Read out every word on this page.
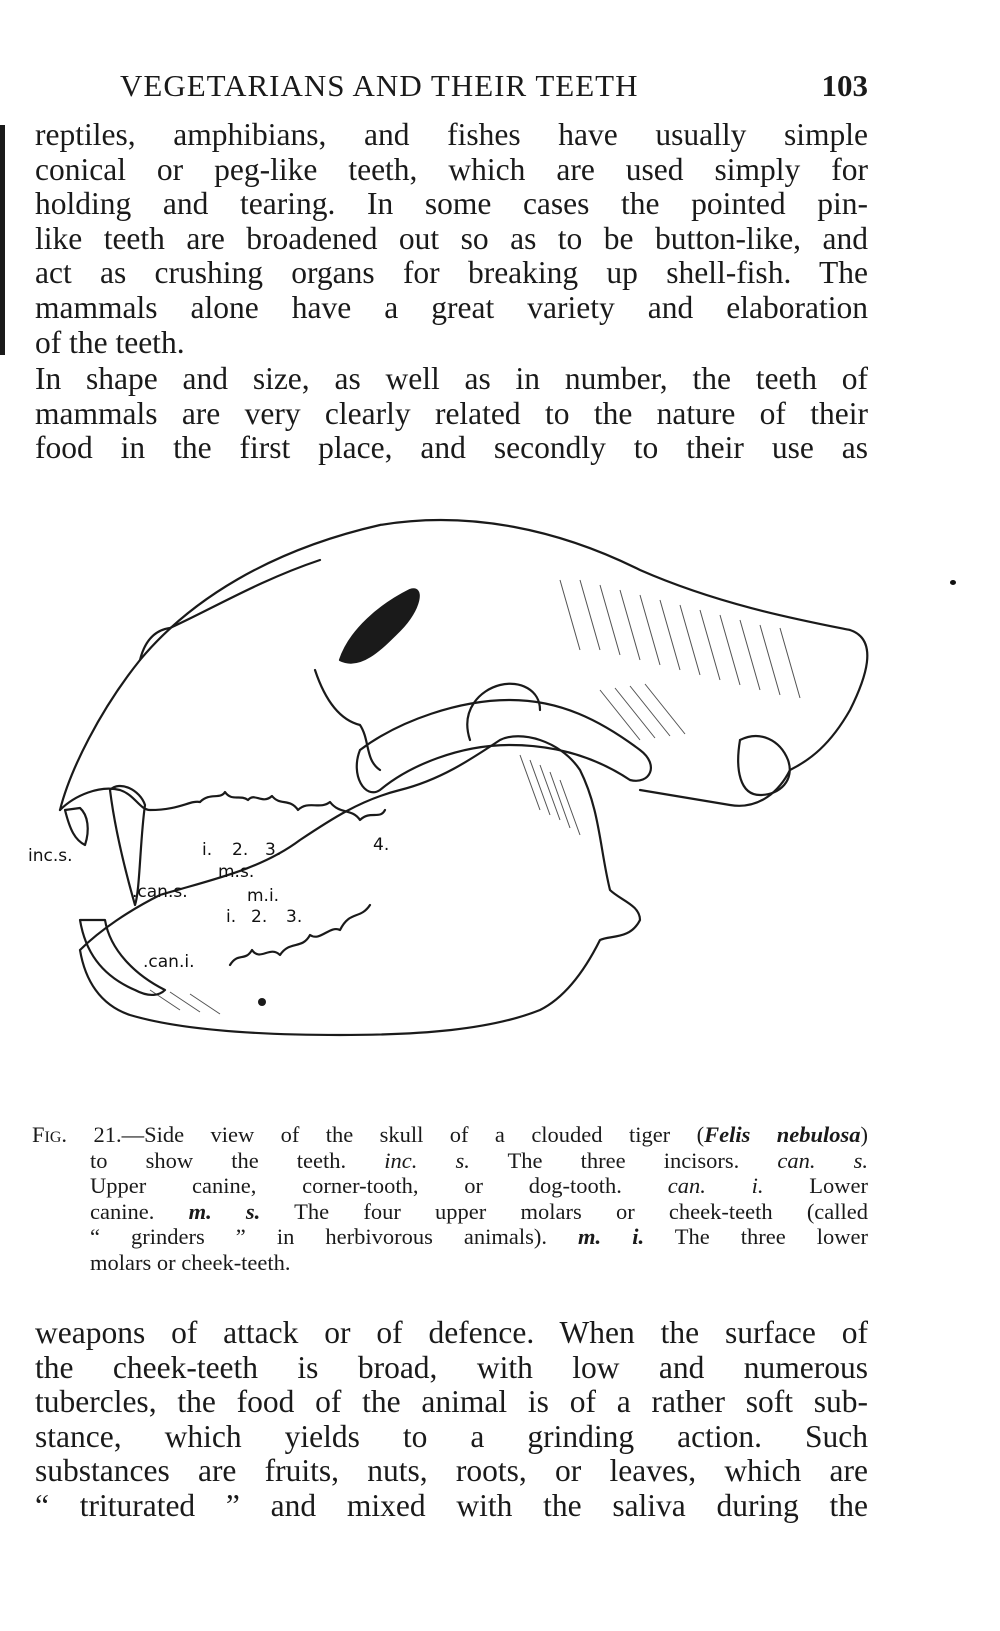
VEGETARIANS AND THEIR TEETH	103
reptiles, amphibians, and fishes have usually simple
conical or peg-like teeth, which are used simply for
holding and tearing. In some cases the pointed pin-
like teeth are broadened out so as to be button-like, and
act as crushing organs for breaking up shell-fish. The
mammals alone have a great variety and elaboration
of the teeth.
In shape and size, as well as in number, the teeth of
mammals are very clearly related to the nature of their
food in the first place, and secondly to their use as
inc.s.	i. 2. 3.	4.
m.s.
.can.s.	m.i.
i. 2. 3.
.can.i.
Fig. 21.—Side view of the skull of a clouded tiger (Felis nebulosa)
to show the teeth. inc. s. The three incisors. can. s.
Upper canine, corner-tooth, or dog-tooth. can. i. Lower
canine. m. s. The four upper molars or cheek-teeth (called
“ grinders ” in herbivorous animals). m. i. The three lower
molars or cheek-teeth.
weapons of attack or of defence. When the surface of
the cheek-teeth is broad, with low and numerous
tubercles, the food of the animal is of a rather soft sub-
stance, which yields to a grinding action. Such
substances are fruits, nuts, roots, or leaves, which are
“ triturated ” and mixed with the saliva during the
